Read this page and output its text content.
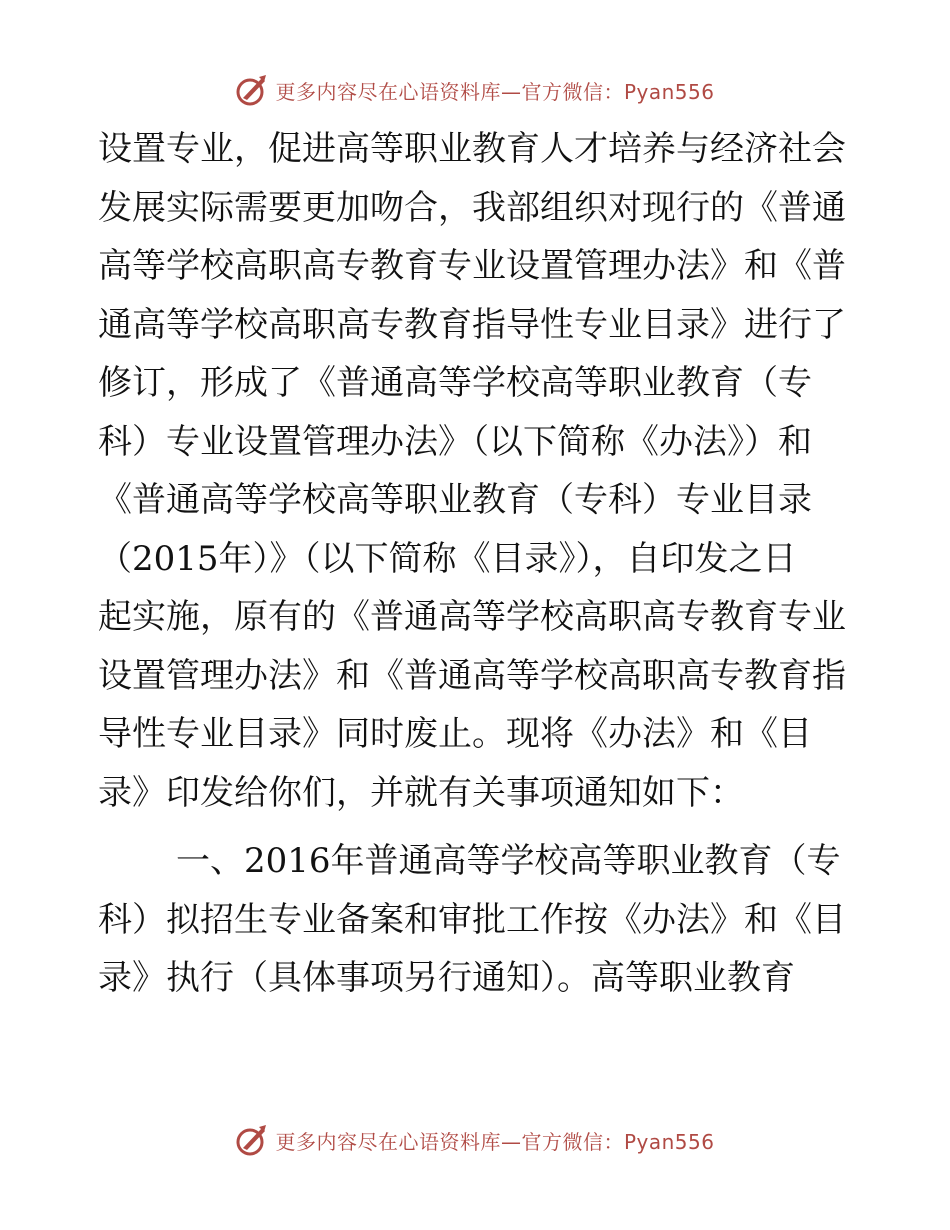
更多内容尽在心语资料库—官方微信：Pyan556
设置专业，促进高等职业教育人才培养与经济社会
发展实际需要更加吻合，我部组织对现行的《普通
高等学校高职高专教育专业设置管理办法》和《普
通高等学校高职高专教育指导性专业目录》进行了
修订，形成了《普通高等学校高等职业教育（专
科）专业设置管理办法》（以下简称《办法》）和
《普通高等学校高等职业教育（专科）专业目录
（2015年）》（以下简称《目录》），自印发之日
起实施，原有的《普通高等学校高职高专教育专业
设置管理办法》和《普通高等学校高职高专教育指
导性专业目录》同时废止。现将《办法》和《目
录》印发给你们，并就有关事项通知如下：
一、2016年普通高等学校高等职业教育（专
科）拟招生专业备案和审批工作按《办法》和《目
录》执行（具体事项另行通知）。高等职业教育
更多内容尽在心语资料库—官方微信：Pyan556
